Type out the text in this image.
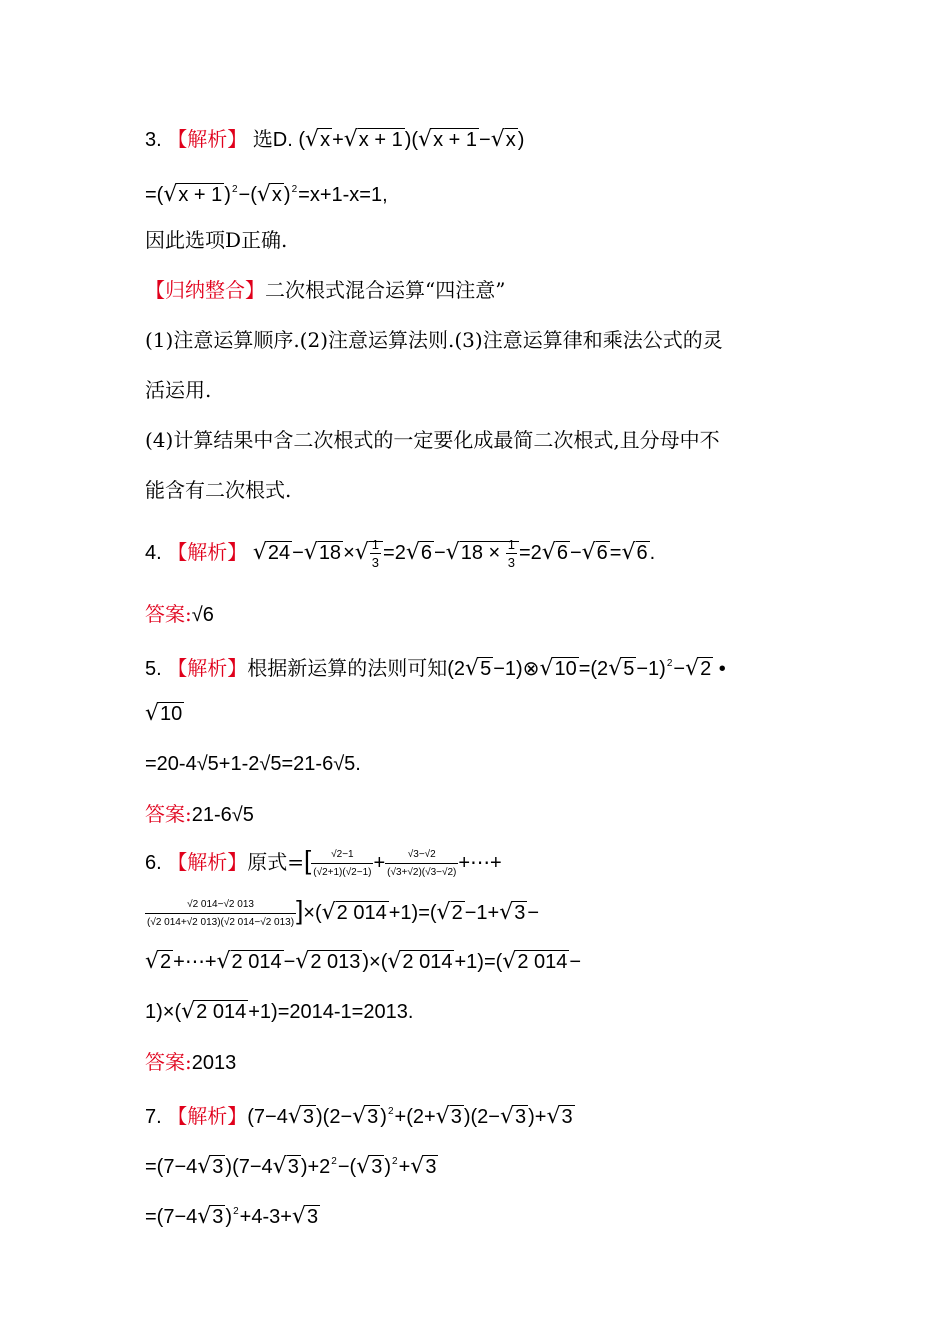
3. 【解析】 选D. (√x +√x + 1 )(√x + 1 −√x )
=(√x + 1 )$^2$−(√x )$^2$=x+1-x=1,
因此选项D正确.
【归纳整合】二次根式混合运算“四注意”
(1)注意运算顺序.(2)注意运算法则.(3)注意运算律和乘法公式的灵
活运用.
(4)计算结果中含二次根式的一定要化成最简二次根式,且分母中不
能含有二次根式.
4. 【解析】 √24 −√18 ×√ $\frac{1}{3} =2√6 -√18 \times \frac{1}{3} =2√6 -√6 =√6$ .
答案:√6
5. 【解析】根据新运算的法则可知(2√5 −1)⊗√10 $=(2√5 -1)^2-√2$ •
√10
=20-4√5+1-2√5=21-6√5.
答案:21-6√5
6. 【解析】原式=[ $\frac{√2-1}{(√2+1)(√2-1)} + \frac{√3-√2}{(√3+√2)(√3-√2)}$ +⋯+
$\frac{√2 014-√2 013}{(√2 014+√2 013)(√2 014-√2 013)} ]\times(√2$ 014 +1)=(√2 −1+√3 −
√2 +⋯+√2 014 −√2 013 )×(√2 014 +1)=(√2 014 −
1)×(√2 014 +1)=2014-1=2013.
答案:2013
7. 【解析】(7−4√3 )(2−√3 )$^2$+(2+√3 )(2−√3 )+√3
=(7−4√3 )(7−4√3 )$+2^2-(√3$ )$^2$+√3
=(7−4√3 )$^2$+4-3+√3
